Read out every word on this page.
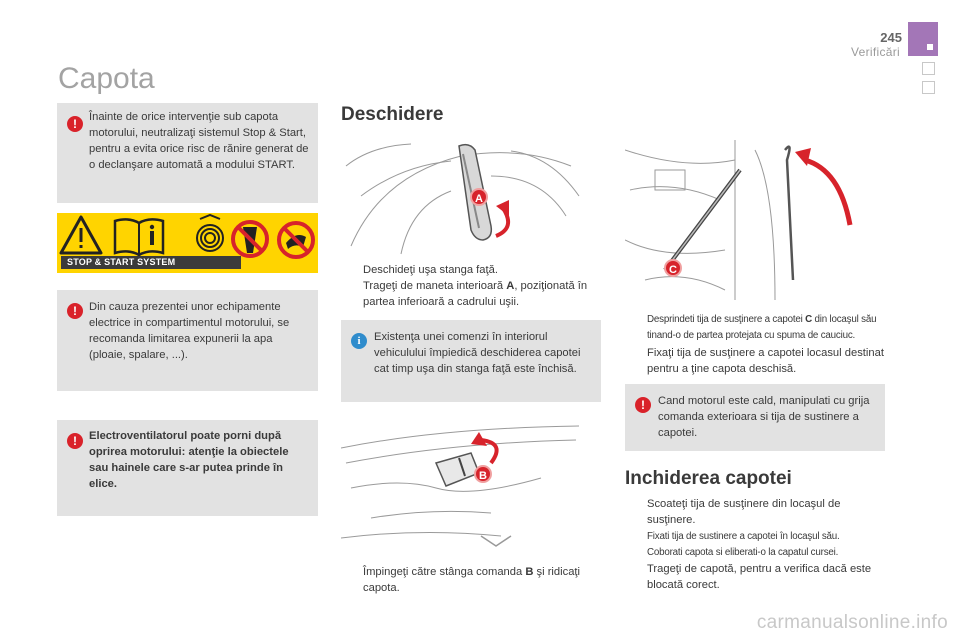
245
Verificări
Capota
!	Înainte de orice intervenţie sub capota motorului, neutralizaţi sistemul Stop & Start, pentru a evita orice risc de rănire generat de o declanşare automată a modului START.

STOP & START SYSTEM
!	Din cauza prezentei unor echipamente electrice in compartimentul motorului, se recomanda limitarea expunerii la apa (ploaie, spalare, ...).

!	Electroventilatorul poate porni după oprirea motorului: atenţie la obiectele sau hainele care s-ar putea prinde în elice.

Deschidere
A
Deschideţi uşa stanga faţă.
Trageţi de maneta interioară A, poziţionată în partea inferioară a cadrului uşii.
i	Existenţa unei comenzi în interiorul vehiculului împiedică deschiderea capotei cat timp uşa din stanga faţă este închisă.

B
Împingeţi către stânga comanda B şi ridicaţi capota.
C
Desprindeti tija de susţinere a capotei C din locaşul său tinand-o de partea protejata cu spuma de cauciuc.
Fixaţi tija de susţinere a capotei locasul destinat pentru a ţine capota deschisă.
!	Cand motorul este cald, manipulati cu grija comanda exterioara si tija de sustinere a capotei.

Inchiderea capotei
Scoateţi tija de susţinere din locaşul de susţinere.
Fixati tija de sustinere a capotei în locaşul său.
Coborati capota si eliberati-o la capatul cursei.
Trageţi de capotă, pentru a verifica dacă este blocată corect.
carmanualsonline.info
